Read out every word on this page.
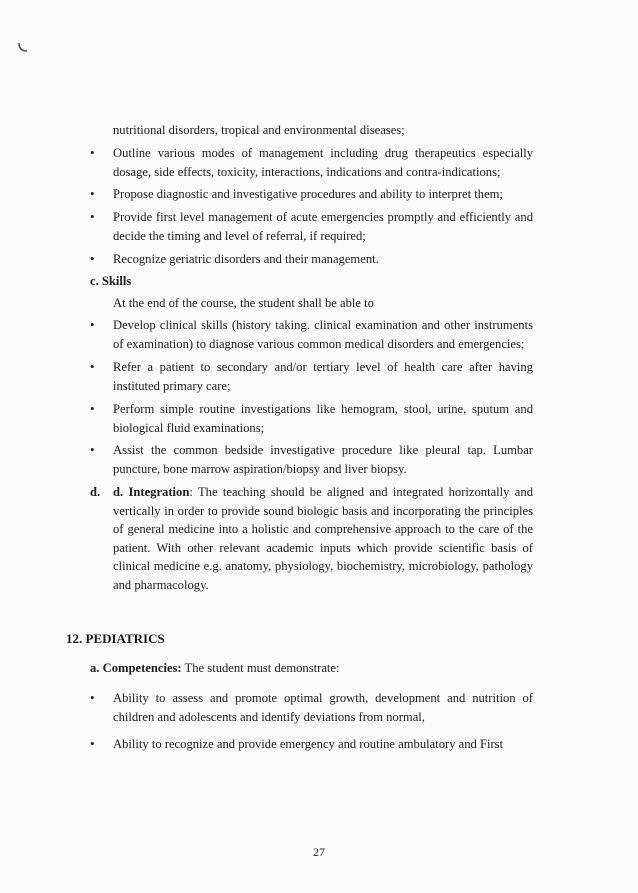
nutritional disorders, tropical and environmental diseases;

• Outline various modes of management including drug therapeutics especially dosage, side effects, toxicity, interactions, indications and contra-indications;

• Propose diagnostic and investigative procedures and ability to interpret them;

• Provide first level management of acute emergencies promptly and efficiently and decide the timing and level of referral, if required;

• Recognize geriatric disorders and their management.

c. Skills

At the end of the course, the student shall be able to

• Develop clinical skills (history taking. clinical examination and other instruments of examination) to diagnose various common medical disorders and emergencies;

• Refer a patient to secondary and/or tertiary level of health care after having instituted primary care;

• Perform simple routine investigations like hemogram, stool, urine, sputum and biological fluid examinations;

• Assist the common bedside investigative procedure like pleural tap. Lumbar puncture, bone marrow aspiration/biopsy and liver biopsy.

d. d. Integration: The teaching should be aligned and integrated horizontally and vertically in order to provide sound biologic basis and incorporating the principles of general medicine into a holistic and comprehensive approach to the care of the patient. With other relevant academic inputs which provide scientific basis of clinical medicine e.g. anatomy, physiology, biochemistry, microbiology, pathology and pharmacology.

12. PEDIATRICS

a. Competencies: The student must demonstrate:

• Ability to assess and promote optimal growth, development and nutrition of children and adolescents and identify deviations from normal,

• Ability to recognize and provide emergency and routine ambulatory and First

27
